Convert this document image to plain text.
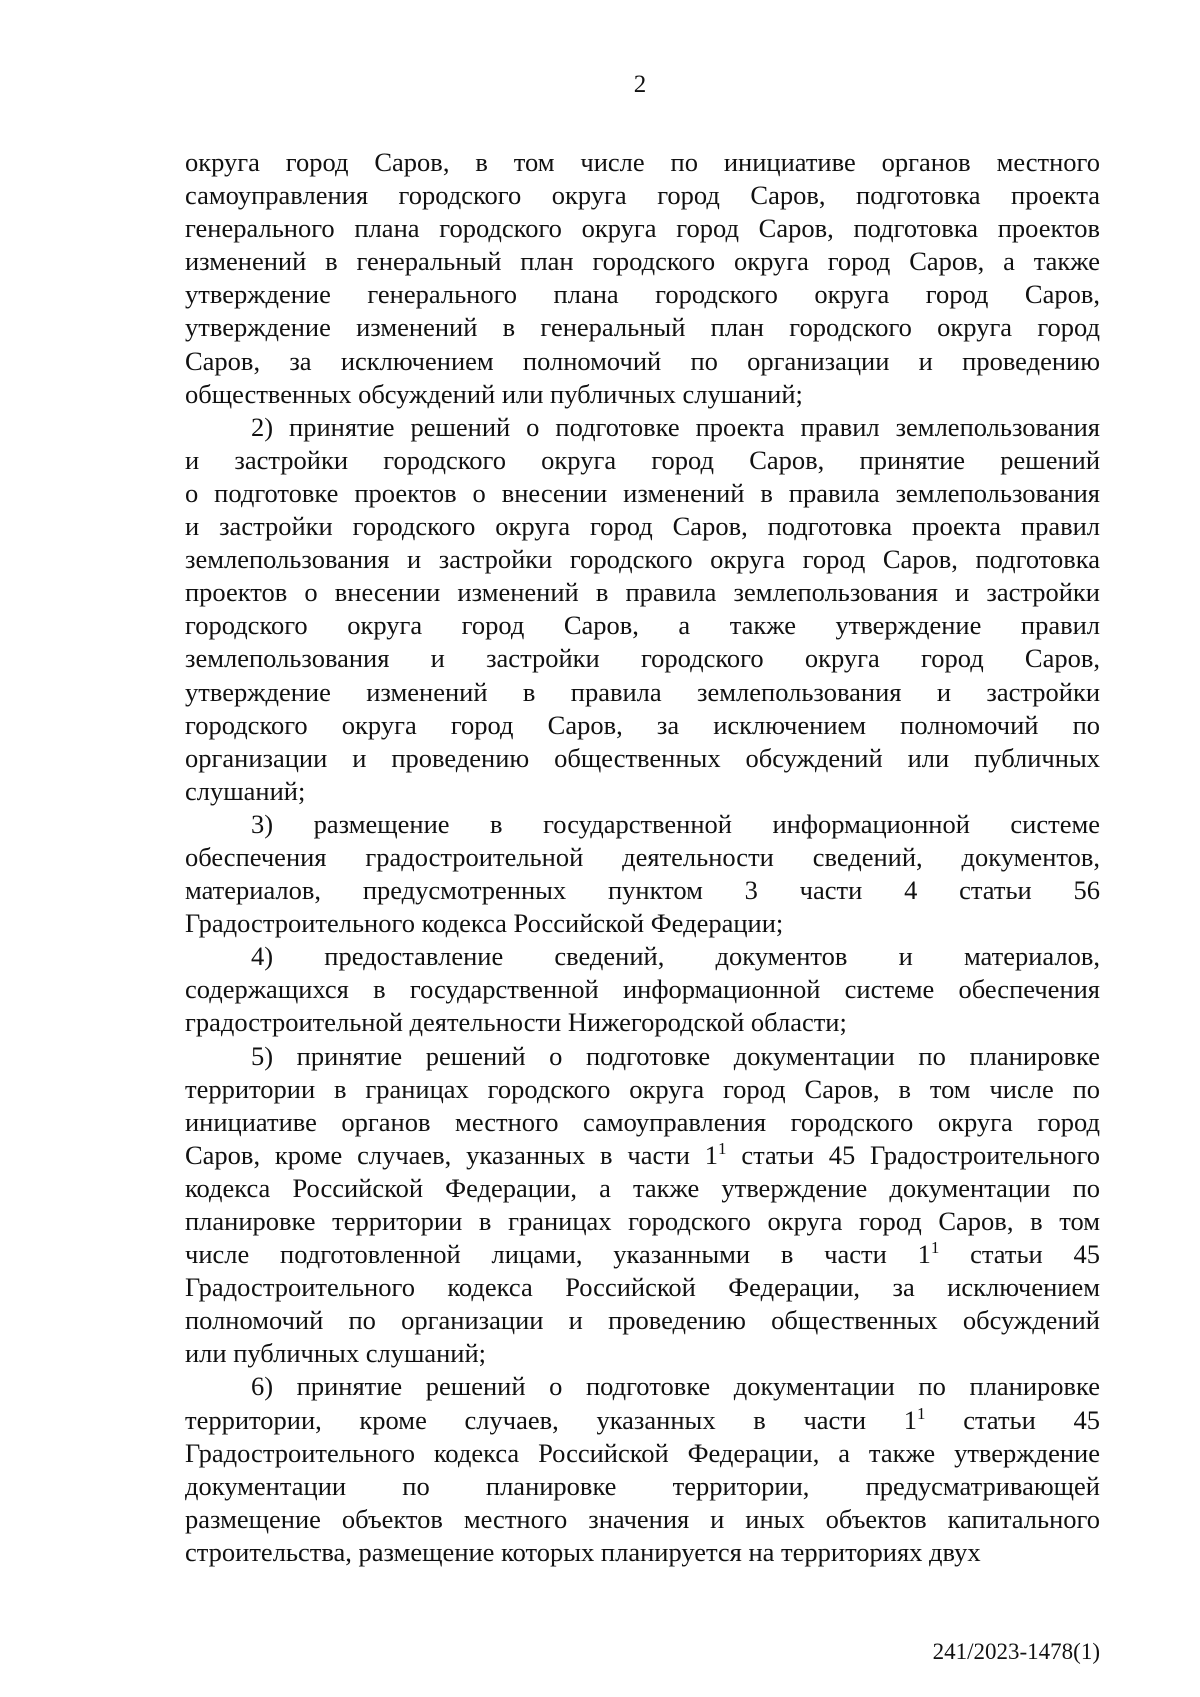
2

округа город Саров, в том числе по инициативе органов местного
самоуправления городского округа город Саров, подготовка проекта
генерального плана городского округа город Саров, подготовка проектов
изменений в генеральный план городского округа город Саров, а также
утверждение генерального плана городского округа город Саров,
утверждение изменений в генеральный план городского округа город
Саров, за исключением полномочий по организации и проведению
общественных обсуждений или публичных слушаний;

2) принятие решений о подготовке проекта правил землепользования
и застройки городского округа город Саров, принятие решений
о подготовке проектов о внесении изменений в правила землепользования
и застройки городского округа город Саров, подготовка проекта правил
землепользования и застройки городского округа город Саров, подготовка
проектов о внесении изменений в правила землепользования и застройки
городского округа город Саров, а также утверждение правил
землепользования и застройки городского округа город Саров,
утверждение изменений в правила землепользования и застройки
городского округа город Саров, за исключением полномочий по
организации и проведению общественных обсуждений или публичных
слушаний;

3) размещение в государственной информационной системе
обеспечения градостроительной деятельности сведений, документов,
материалов, предусмотренных пунктом 3 части 4 статьи 56
Градостроительного кодекса Российской Федерации;

4) предоставление сведений, документов и материалов,
содержащихся в государственной информационной системе обеспечения
градостроительной деятельности Нижегородской области;

5) принятие решений о подготовке документации по планировке
территории в границах городского округа город Саров, в том числе по
инициативе органов местного самоуправления городского округа город
Саров, кроме случаев, указанных в части $1^1$ статьи 45 Градостроительного
кодекса Российской Федерации, а также утверждение документации по
планировке территории в границах городского округа город Саров, в том
числе подготовленной лицами, указанными в части $1^1$ статьи 45
Градостроительного кодекса Российской Федерации, за исключением
полномочий по организации и проведению общественных обсуждений
или публичных слушаний;

6) принятие решений о подготовке документации по планировке
территории, кроме случаев, указанных в части $1^1$ статьи 45
Градостроительного кодекса Российской Федерации, а также утверждение
документации по планировке территории, предусматривающей
размещение объектов местного значения и иных объектов капитального
строительства, размещение которых планируется на территориях двух

241/2023-1478(1)
